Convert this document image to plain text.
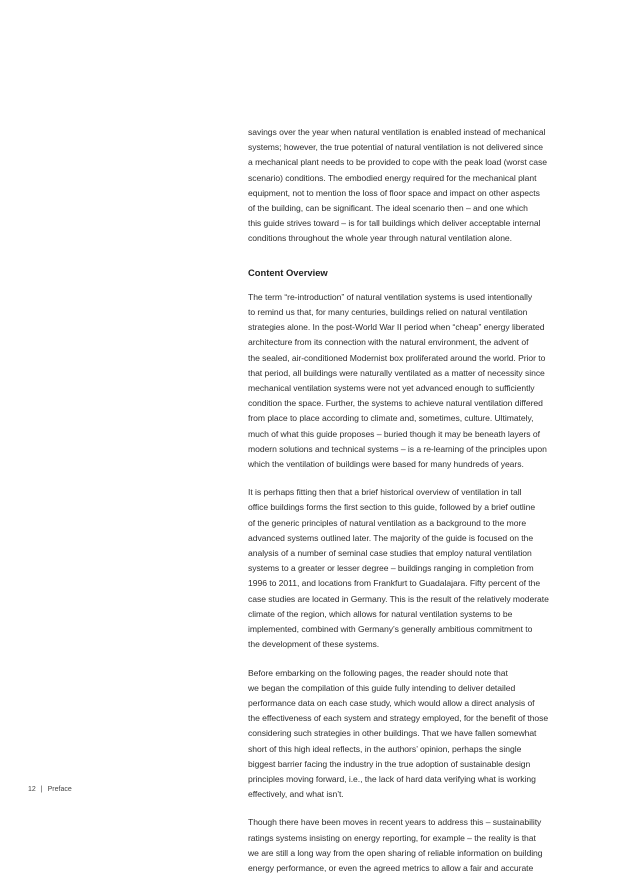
savings over the year when natural ventilation is enabled instead of mechanical
systems; however, the true potential of natural ventilation is not delivered since
a mechanical plant needs to be provided to cope with the peak load (worst case
scenario) conditions. The embodied energy required for the mechanical plant
equipment, not to mention the loss of floor space and impact on other aspects
of the building, can be significant. The ideal scenario then – and one which
this guide strives toward – is for tall buildings which deliver acceptable internal
conditions throughout the whole year through natural ventilation alone.

Content Overview

The term “re-introduction” of natural ventilation systems is used intentionally
to remind us that, for many centuries, buildings relied on natural ventilation
strategies alone. In the post-World War II period when “cheap” energy liberated
architecture from its connection with the natural environment, the advent of
the sealed, air-conditioned Modernist box proliferated around the world. Prior to
that period, all buildings were naturally ventilated as a matter of necessity since
mechanical ventilation systems were not yet advanced enough to sufficiently
condition the space. Further, the systems to achieve natural ventilation differed
from place to place according to climate and, sometimes, culture. Ultimately,
much of what this guide proposes – buried though it may be beneath layers of
modern solutions and technical systems – is a re-learning of the principles upon
which the ventilation of buildings were based for many hundreds of years.

It is perhaps fitting then that a brief historical overview of ventilation in tall
office buildings forms the first section to this guide, followed by a brief outline
of the generic principles of natural ventilation as a background to the more
advanced systems outlined later. The majority of the guide is focused on the
analysis of a number of seminal case studies that employ natural ventilation
systems to a greater or lesser degree – buildings ranging in completion from
1996 to 2011, and locations from Frankfurt to Guadalajara. Fifty percent of the
case studies are located in Germany. This is the result of the relatively moderate
climate of the region, which allows for natural ventilation systems to be
implemented, combined with Germany’s generally ambitious commitment to
the development of these systems.

Before embarking on the following pages, the reader should note that
we began the compilation of this guide fully intending to deliver detailed
performance data on each case study, which would allow a direct analysis of
the effectiveness of each system and strategy employed, for the benefit of those
considering such strategies in other buildings. That we have fallen somewhat
short of this high ideal reflects, in the authors’ opinion, perhaps the single
biggest barrier facing the industry in the true adoption of sustainable design
principles moving forward, i.e., the lack of hard data verifying what is working
effectively, and what isn’t.

Though there have been moves in recent years to address this – sustainability
ratings systems insisting on energy reporting, for example – the reality is that
we are still a long way from the open sharing of reliable information on building
energy performance, or even the agreed metrics to allow a fair and accurate

12 | Preface
